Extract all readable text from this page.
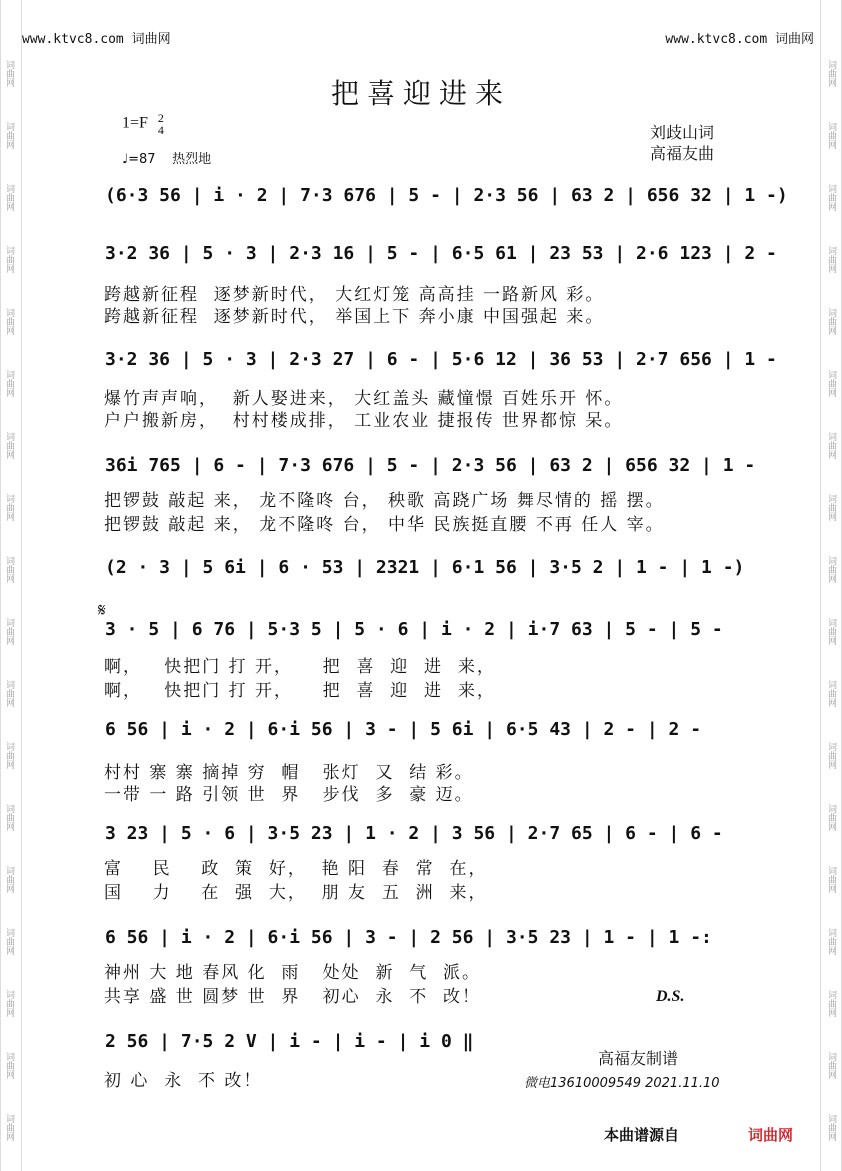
词曲网	词曲网
词曲网	词曲网
词曲网	词曲网
词曲网	词曲网
词曲网	词曲网
词曲网	词曲网
词曲网	词曲网
词曲网	词曲网
词曲网	词曲网
词曲网	词曲网
词曲网	词曲网
词曲网	词曲网
词曲网	词曲网
词曲网	词曲网
词曲网	词曲网
词曲网	词曲网
词曲网	词曲网
词曲网	词曲网
www.ktvc8.com 词曲网	www.ktvc8.com 词曲网
把喜迎进来
1=F 2
4
♩=87 热烈地
刘歧山词
高福友曲
(6·3 56 | i · 2 | 7·3 676 | 5 - | 2·3 56 | 63 2 | 656 32 | 1 -)
3·2 36 | 5 · 3 | 2·3 16 | 5 - | 6·5 61 | 23 53 | 2·6 123 | 2 -
跨越新征程  逐梦新时代， 大红灯笼 高高挂 一路新风 彩。
跨越新征程  逐梦新时代， 举国上下 奔小康 中国强起 来。
3·2 36 | 5 · 3 | 2·3 27 | 6 - | 5·6 12 | 36 53 | 2·7 656 | 1 -
爆竹声声响，  新人娶进来， 大红盖头 藏憧憬 百姓乐开 怀。
户户搬新房，  村村楼成排， 工业农业 捷报传 世界都惊 呆。
36i 765 | 6 - | 7·3 676 | 5 - | 2·3 56 | 63 2 | 656 32 | 1 -
把锣鼓 敲起 来， 龙不隆咚 台， 秧歌 高跷广场 舞尽情的 摇 摆。
把锣鼓 敲起 来， 龙不隆咚 台， 中华 民族挺直腰 不再 任人 宰。
(2 · 3 | 5 6i | 6 · 53 | 2321 | 6·1 56 | 3·5 2 | 1 - | 1 -)
𝄋
3 · 5 | 6 76 | 5·3 5 | 5 · 6 | i · 2 | i·7 63 | 5 - | 5 -
啊，   快把门 打 开，    把  喜  迎  进  来，
啊，   快把门 打 开，    把  喜  迎  进  来，
6 56 | i · 2 | 6·i 56 | 3 - | 5 6i | 6·5 43 | 2 - | 2 -
村村 寨 寨 摘掉 穷  帽   张灯  又  结 彩。
一带 一 路 引领 世  界   步伐  多  豪 迈。
3 23 | 5 · 6 | 3·5 23 | 1 · 2 | 3 56 | 2·7 65 | 6 - | 6 -
富    民    政  策  好，  艳 阳  春  常  在，
国    力    在  强  大，  朋 友  五  洲  来，
6 56 | i · 2 | 6·i 56 | 3 - | 2 56 | 3·5 23 | 1 - | 1 -:
神州 大 地 春风 化  雨   处处  新  气  派。
共享 盛 世 圆梦 世  界   初心  永  不  改！	D.S.
2 56 | 7·5 2 V | i - | i - | i 0 ‖
初 心  永  不 改！
高福友制谱
微电13610009549 2021.11.10
本曲谱源自	词曲网
